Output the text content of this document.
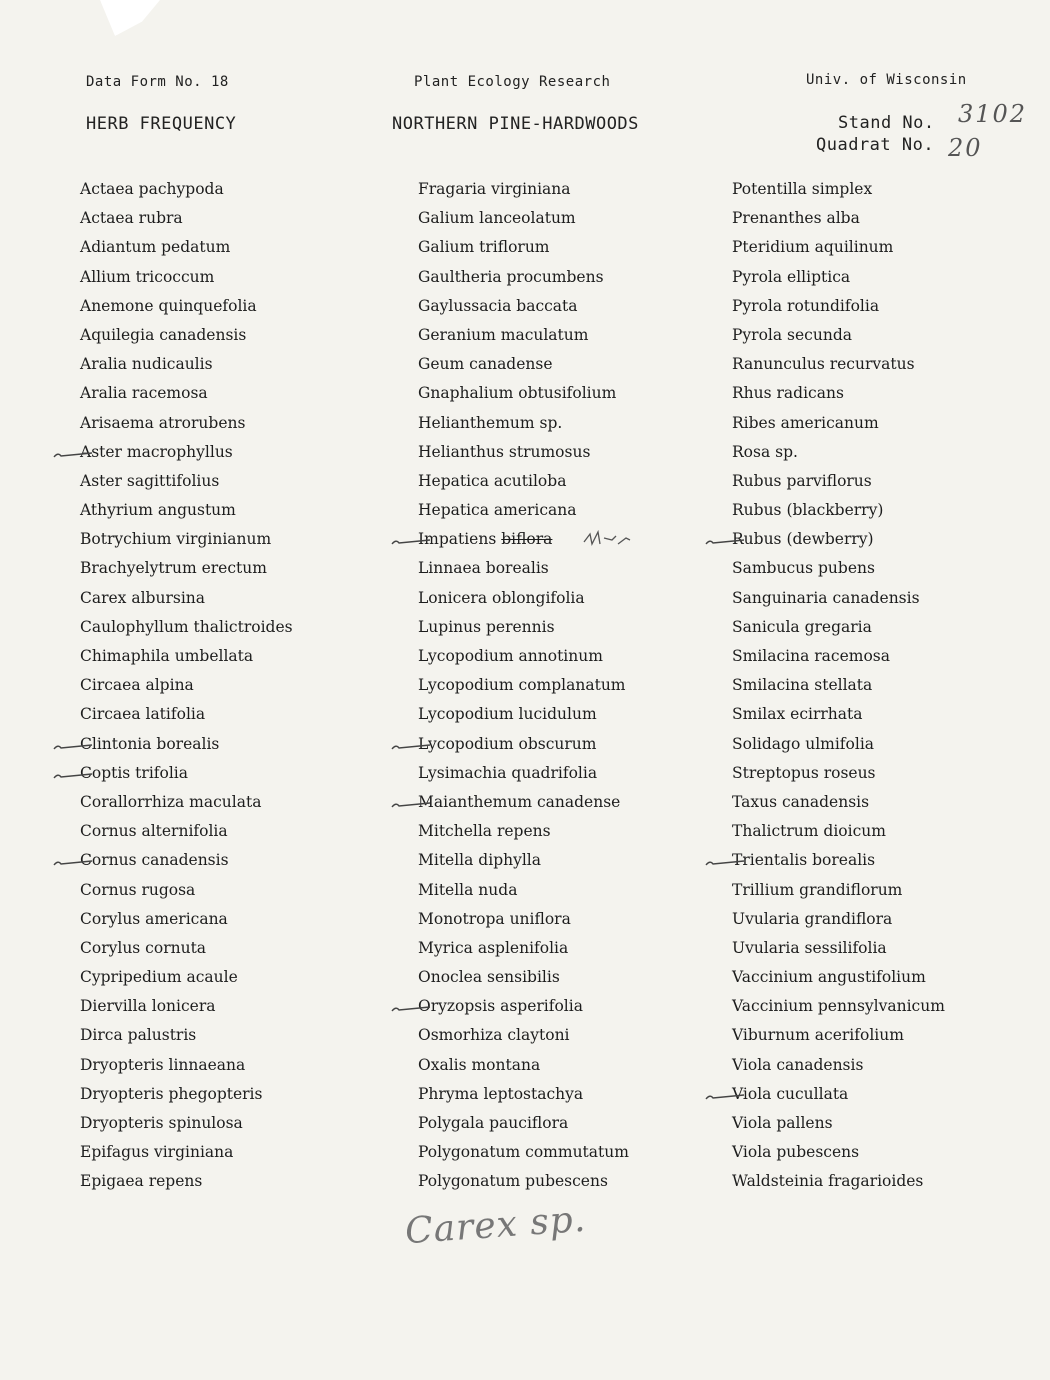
Data Form No. 18	Plant Ecology Research	Univ. of Wisconsin
HERB FREQUENCY	NORTHERN PINE-HARDWOODS	Stand No. 3102
Quadrat No. 20
Actaea pachypoda
Actaea rubra
Adiantum pedatum
Allium tricoccum
Anemone quinquefolia
Aquilegia canadensis
Aralia nudicaulis
Aralia racemosa
Arisaema atrorubens
Aster macrophyllus
Aster sagittifolius
Athyrium angustum
Botrychium virginianum
Brachyelytrum erectum
Carex albursina
Caulophyllum thalictroides
Chimaphila umbellata
Circaea alpina
Circaea latifolia
Clintonia borealis
Coptis trifolia
Corallorrhiza maculata
Cornus alternifolia
Cornus canadensis
Cornus rugosa
Corylus americana
Corylus cornuta
Cypripedium acaule
Diervilla lonicera
Dirca palustris
Dryopteris linnaeana
Dryopteris phegopteris
Dryopteris spinulosa
Epifagus virginiana
Epigaea repens
Fragaria virginiana
Galium lanceolatum
Galium triflorum
Gaultheria procumbens
Gaylussacia baccata
Geranium maculatum
Geum canadense
Gnaphalium obtusifolium
Helianthemum sp.
Helianthus strumosus
Hepatica acutiloba
Hepatica americana
Impatiens biflora
Linnaea borealis
Lonicera oblongifolia
Lupinus perennis
Lycopodium annotinum
Lycopodium complanatum
Lycopodium lucidulum
Lycopodium obscurum
Lysimachia quadrifolia
Maianthemum canadense
Mitchella repens
Mitella diphylla
Mitella nuda
Monotropa uniflora
Myrica asplenifolia
Onoclea sensibilis
Oryzopsis asperifolia
Osmorhiza claytoni
Oxalis montana
Phryma leptostachya
Polygala pauciflora
Polygonatum commutatum
Polygonatum pubescens
Potentilla simplex
Prenanthes alba
Pteridium aquilinum
Pyrola elliptica
Pyrola rotundifolia
Pyrola secunda
Ranunculus recurvatus
Rhus radicans
Ribes americanum
Rosa sp.
Rubus parviflorus
Rubus (blackberry)
Rubus (dewberry)
Sambucus pubens
Sanguinaria canadensis
Sanicula gregaria
Smilacina racemosa
Smilacina stellata
Smilax ecirrhata
Solidago ulmifolia
Streptopus roseus
Taxus canadensis
Thalictrum dioicum
Trientalis borealis
Trillium grandiflorum
Uvularia grandiflora
Uvularia sessilifolia
Vaccinium angustifolium
Vaccinium pennsylvanicum
Viburnum acerifolium
Viola canadensis
Viola cucullata
Viola pallens
Viola pubescens
Waldsteinia fragarioides
Carex sp.
